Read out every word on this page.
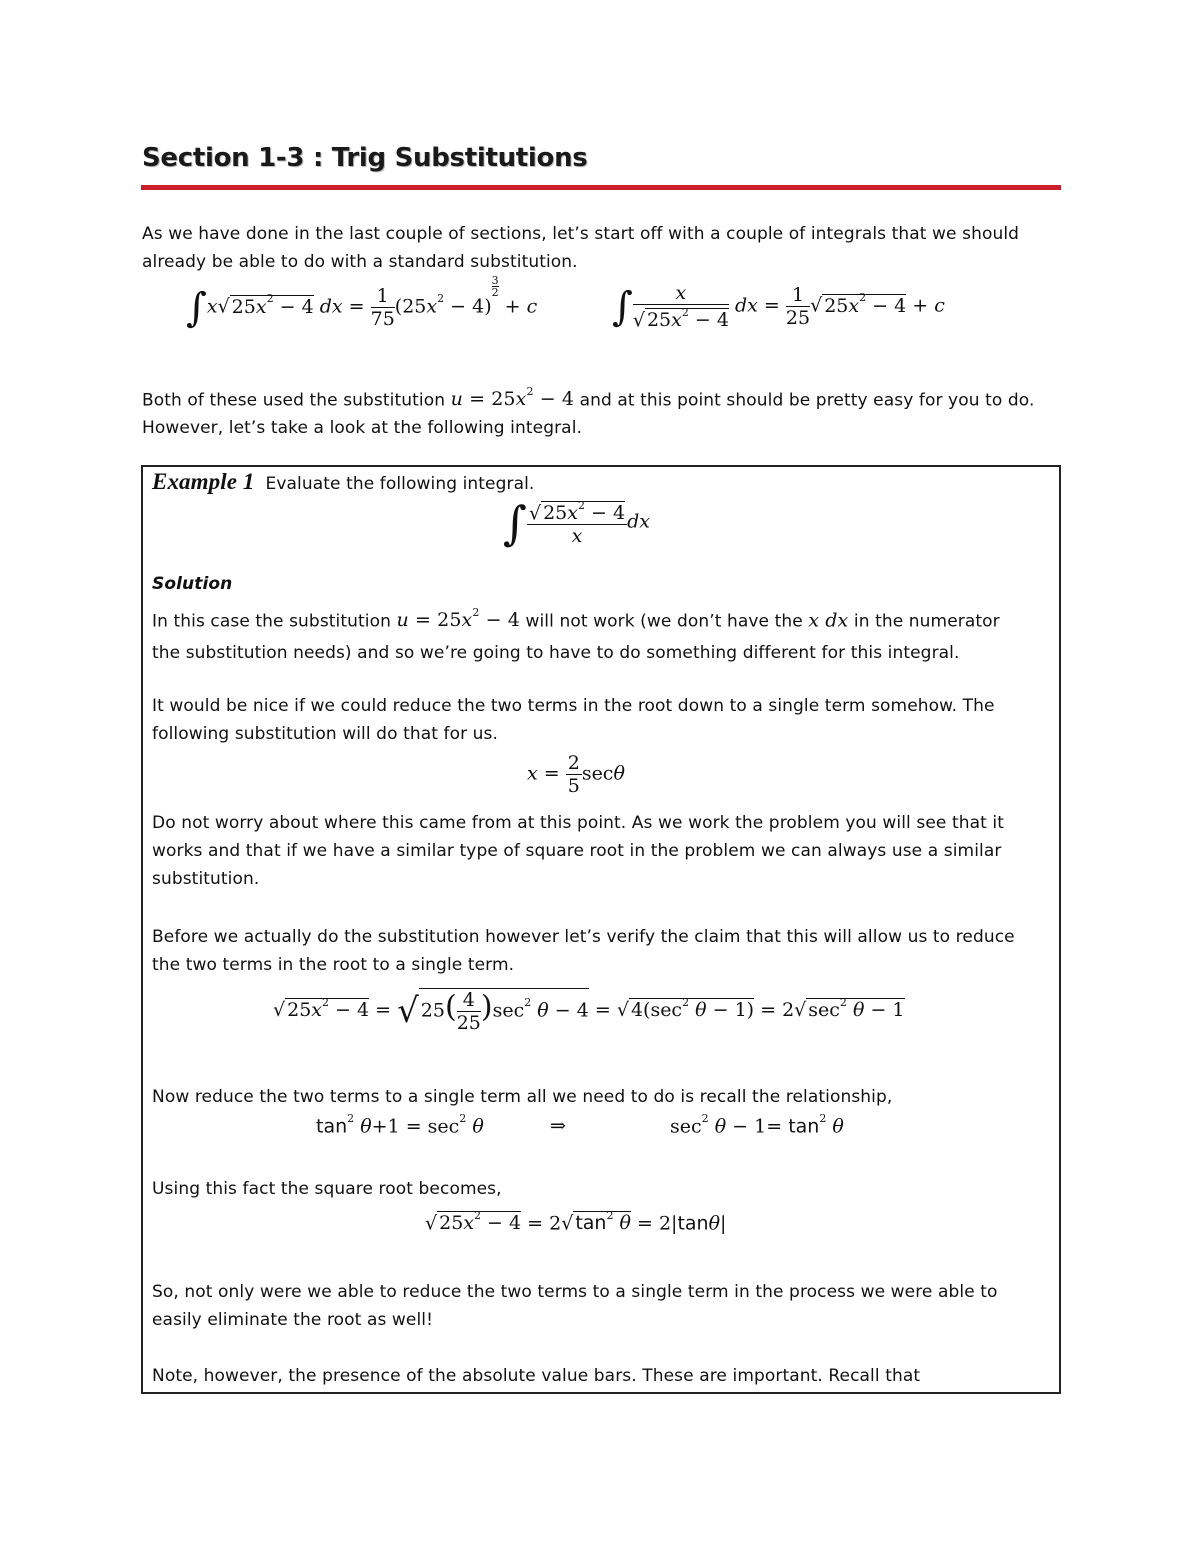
Section 1-3 : Trig Substitutions
As we have done in the last couple of sections, let’s start off with a couple of integrals that we should
already be able to do with a standard substitution.
∫x√ $25x^2 - 4$ dx = $\frac{1}{75} (25x^2 - 4)$
$\frac{3}{2}$
+ c ∫ $\frac{x}{√ 25x^2 - 4}$ dx = $\frac{1}{25}$ √ $25x^2 - 4 + c$
Both of these used the substitution $u = 25x^2 - 4$ and at this point should be pretty easy for you to do.
However, let’s take a look at the following integral.
Example 1 Evaluate the following integral.
∫ $\frac{√ 25x^2 - 4}{x}$ dx
Solution
In this case the substitution $u = 25x^2 - 4$ will not work (we don’t have the x dx in the numerator
the substitution needs) and so we’re going to have to do something different for this integral.
It would be nice if we could reduce the two terms in the root down to a single term somehow. The
following substitution will do that for us.
$x = \frac{2}{5}$ secθ
Do not worry about where this came from at this point. As we work the problem you will see that it
works and that if we have a similar type of square root in the problem we can always use a similar
substitution.
Before we actually do the substitution however let’s verify the claim that this will allow us to reduce
the two terms in the root to a single term.
√ $25x^2 - 4$ = √ $25( \frac{4}{25} )\sec^2$ θ − 4 = √ $4(\sec^2$ θ − 1) = 2√ $\sec^2 \theta - 1$
Now reduce the two terms to a single term all we need to do is recall the relationship,
$\tan^2 \theta+1 = \sec^2 \theta$	⇒	$\sec^2 \theta - 1= \tan^2 \theta$
Using this fact the square root becomes,
√ $25x^2 - 4 = 2√$ $\tan^2 \theta = 2|\tan\theta|$
So, not only were we able to reduce the two terms to a single term in the process we were able to
easily eliminate the root as well!
Note, however, the presence of the absolute value bars. These are important. Recall that
